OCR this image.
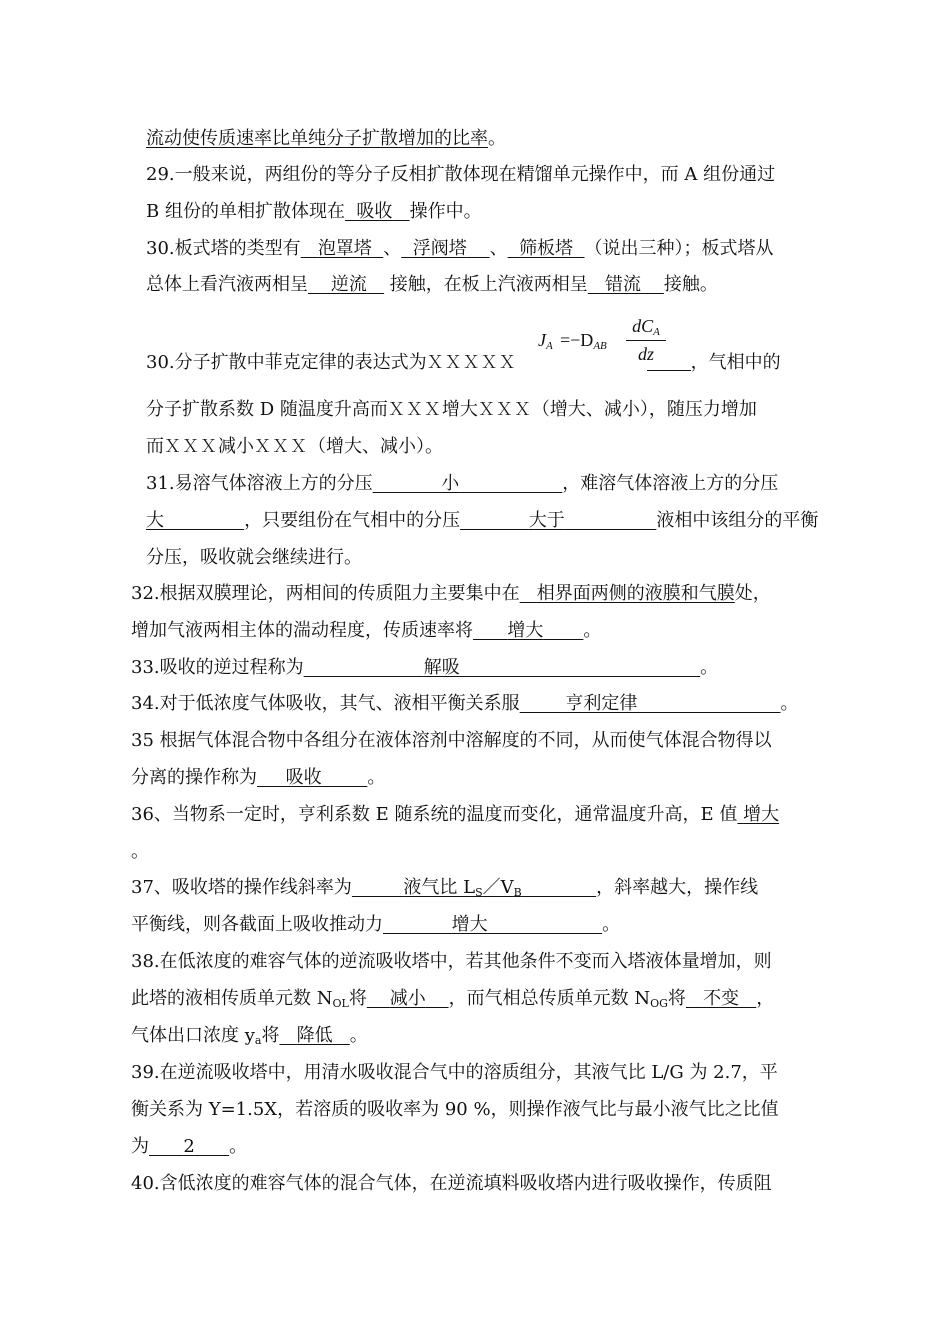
流动使传质速率比单纯分子扩散增加的比率。
29.一般来说，两组份的等分子反相扩散体现在精馏单元操作中，而 A 组份通过
B 组份的单相扩散体现在 吸收 操作中。
30.板式塔的类型有 泡罩塔 、 浮阀塔 、 筛板塔 （说出三种）；板式塔从
总体上看汽液两相呈 逆流 接触，在板上汽液两相呈 错流 接触。
$J_A =-D_{AB}$
$dC_A$
dz
30.分子扩散中菲克定律的表达式为ＸＸＸＸＸ	，气相中的
分子扩散系数 D 随温度升高而ＸＸＸ增大ＸＸＸ（增大、减小），随压力增加
而ＸＸＸ减小ＸＸＸ（增大、减小）。
31.易溶气体溶液上方的分压	小	，难溶气体溶液上方的分压
大	，只要组份在气相中的分压	大于	液相中该组分的平衡
分压，吸收就会继续进行。
32.根据双膜理论，两相间的传质阻力主要集中在 相界面两侧的液膜和气膜处，
增加气液两相主体的湍动程度，传质速率将 增大 。
33.吸收的逆过程称为	解吸	。
34.对于低浓度气体吸收，其气、液相平衡关系服	亨利定律	。
35 根据气体混合物中各组分在液体溶剂中溶解度的不同，从而使气体混合物得以
分离的操作称为 吸收	。
36、当物系一定时，亨利系数 E 随系统的温度而变化，通常温度升高，E 值 增大
。
37、吸收塔的操作线斜率为	液气比 $L_S/V_B$	，斜率越大，操作线
平衡线，则各截面上吸收推动力	增大	。
38.在低浓度的难容气体的逆流吸收塔中，若其他条件不变而入塔液体量增加，则
此塔的液相传质单元数 $N_{OL}$将 减小 ，而气相总传质单元数 $N_{OG}$将 不变 ，
气体出口浓度 $y_a$将 降低 。
39.在逆流吸收塔中，用清水吸收混合气中的溶质组分，其液气比 L/G 为 2.7，平
衡关系为 Y=1.5X，若溶质的吸收率为 90 %，则操作液气比与最小液气比之比值
为 2 。
40.含低浓度的难容气体的混合气体，在逆流填料吸收塔内进行吸收操作，传质阻
